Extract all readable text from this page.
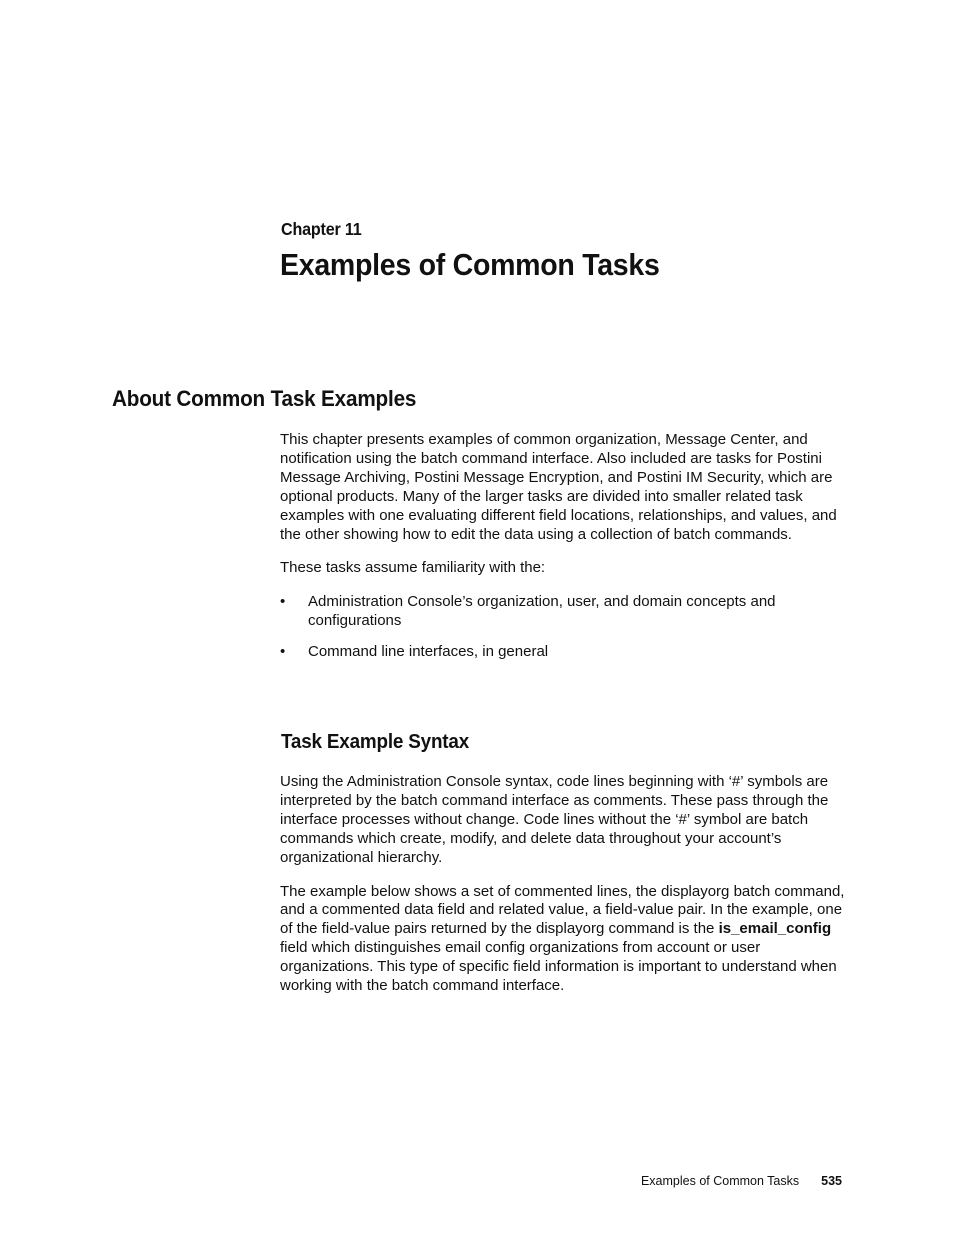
Chapter 11
Examples of Common Tasks
About Common Task Examples

This chapter presents examples of common organization, Message Center, and notification using the batch command interface. Also included are tasks for Postini Message Archiving, Postini Message Encryption, and Postini IM Security, which are optional products. Many of the larger tasks are divided into smaller related task examples with one evaluating different field locations, relationships, and values, and the other showing how to edit the data using a collection of batch commands.

These tasks assume familiarity with the:

• Administration Console’s organization, user, and domain concepts and configurations
• Command line interfaces, in general
Task Example Syntax

Using the Administration Console syntax, code lines beginning with ‘#’ symbols are interpreted by the batch command interface as comments. These pass through the interface processes without change. Code lines without the ‘#’ symbol are batch commands which create, modify, and delete data throughout your account’s organizational hierarchy.

The example below shows a set of commented lines, the displayorg batch command, and a commented data field and related value, a field-value pair. In the example, one of the field-value pairs returned by the displayorg command is the is_email_config field which distinguishes email config organizations from account or user organizations. This type of specific field information is important to understand when working with the batch command interface.

Examples of Common Tasks 535
